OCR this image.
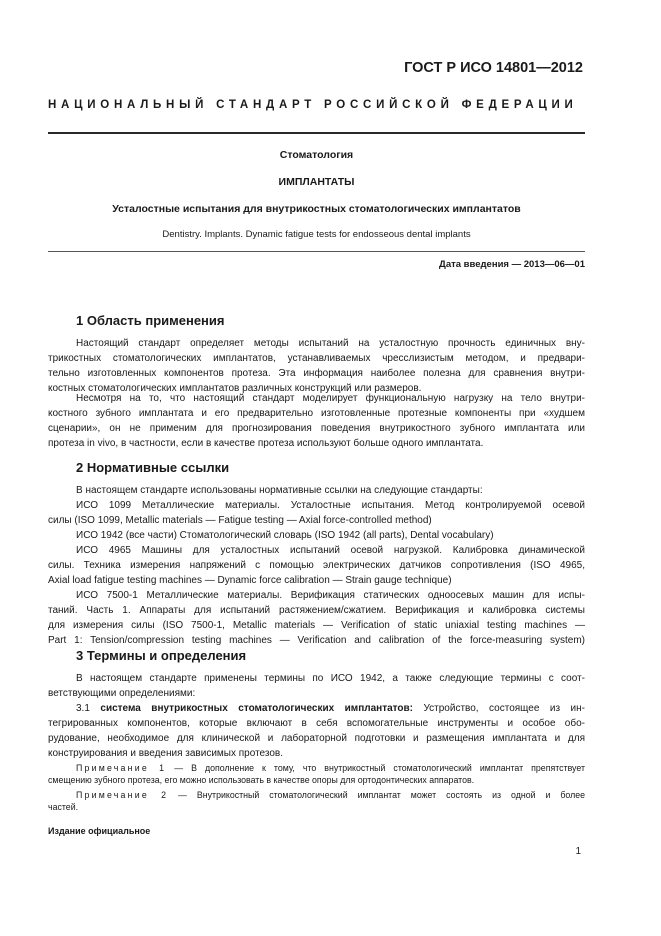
ГОСТ Р ИСО 14801—2012
НАЦИОНАЛЬНЫЙ СТАНДАРТ РОССИЙСКОЙ ФЕДЕРАЦИИ
Стоматология
ИМПЛАНТАТЫ
Усталостные испытания для внутрикостных стоматологических имплантатов
Dentistry. Implants. Dynamic fatigue tests for endosseous dental implants
Дата введения — 2013—06—01
1 Область применения
Настоящий стандарт определяет методы испытаний на усталостную прочность единичных вну-
трикостных стоматологических имплантатов, устанавливаемых чресслизистым методом, и предвари-
тельно изготовленных компонентов протеза. Эта информация наиболее полезна для сравнения внутри-
костных стоматологических имплантатов различных конструкций или размеров.
Несмотря на то, что настоящий стандарт моделирует функциональную нагрузку на тело внутри-
костного зубного имплантата и его предварительно изготовленные протезные компоненты при «худшем
сценарии», он не применим для прогнозирования поведения внутрикостного зубного имплантата или
протеза in vivo, в частности, если в качестве протеза используют больше одного имплантата.
2 Нормативные ссылки
В настоящем стандарте использованы нормативные ссылки на следующие стандарты:
ИСО 1099 Металлические материалы. Усталостные испытания. Метод контролируемой осевой
силы (ISO 1099, Metallic materials — Fatigue testing — Axial force-controlled method)
ИСО 1942 (все части) Стоматологический словарь (ISO 1942 (all parts), Dental vocabulary)
ИСО 4965 Машины для усталостных испытаний осевой нагрузкой. Калибровка динамической
силы. Техника измерения напряжений с помощью электрических датчиков сопротивления (ISO 4965,
Axial load fatigue testing machines — Dynamic force calibration — Strain gauge technique)
ИСО 7500-1 Металлические материалы. Верификация статических одноосевых машин для испы-
таний. Часть 1. Аппараты для испытаний растяжением/сжатием. Верификация и калибровка системы
для измерения силы (ISO 7500-1, Metallic materials — Verification of static uniaxial testing machines —
Part 1: Tension/compression testing machines — Verification and calibration of the force-measuring system)
3 Термины и определения
В настоящем стандарте применены термины по ИСО 1942, а также следующие термины с соот-
ветствующими определениями:
3.1 система внутрикостных стоматологических имплантатов: Устройство, состоящее из ин-
тегрированных компонентов, которые включают в себя вспомогательные инструменты и особое обо-
рудование, необходимое для клинической и лабораторной подготовки и размещения имплантата и для
конструирования и введения зависимых протезов.
Примечание 1 — В дополнение к тому, что внутрикостный стоматологический имплантат препятствует
смещению зубного протеза, его можно использовать в качестве опоры для ортодонтических аппаратов.
Примечание 2 — Внутрикостный стоматологический имплантат может состоять из одной и более
частей.
Издание официальное
1
